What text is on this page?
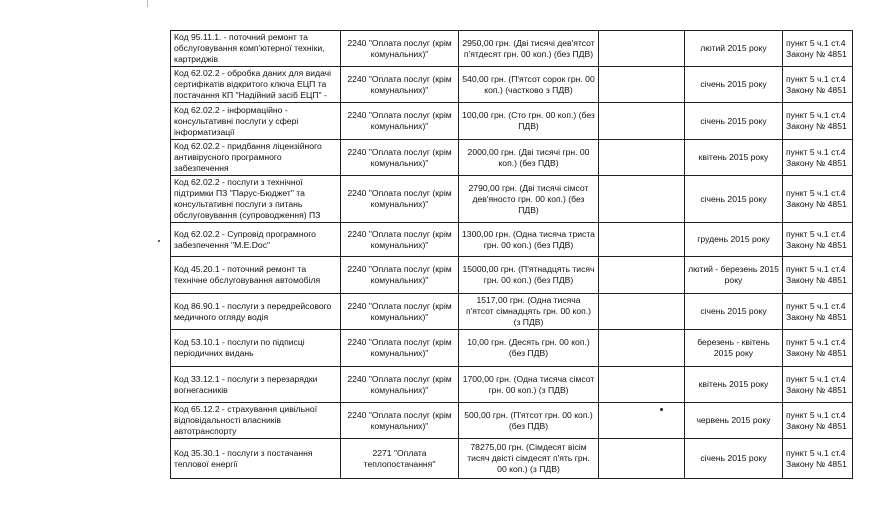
Код 95.11.1. - поточний ремонт та обслуговування комп'ютерної техніки, картриджів	2240 "Оплата послуг (крім комунальних)"	2950,00 грн. (Дві тисячі дев'ятсот п'ятдесят грн. 00 коп.) (без ПДВ)		лютий 2015 року	пункт 5 ч.1 ст.4 Закону № 4851
Код 62.02.2 - обробка даних для видачі сертифікатів відкритого ключа ЕЦП та постачання КП "Надійний засіб ЕЦП" -	2240 "Оплата послуг (крім комунальних)"	540,00 грн. (П'ятсот сорок грн. 00 коп.) (частково з ПДВ)		січень 2015 року	пункт 5 ч.1 ст.4 Закону № 4851
Код 62.02.2 - інформаційно - консультативні послуги у сфері інформатизації	2240 "Оплата послуг (крім комунальних)"	100,00 грн. (Сто грн. 00 коп.) (без ПДВ)		січень 2015 року	пункт 5 ч.1 ст.4 Закону № 4851
Код 62.02.2 - придбання ліцензійного антивірусного програмного забезпечення	2240 "Оплата послуг (крім комунальних)"	2000,00 грн. (Дві тисячі грн. 00 коп.) (без ПДВ)		квітень 2015 року	пункт 5 ч.1 ст.4 Закону № 4851
Код 62.02.2 - послуги з технічної підтримки ПЗ "Парус-Бюджет" та консультативні послуги з питань обслуговування (супроводження) ПЗ	2240 "Оплата послуг (крім комунальних)"	2790,00 грн. (Дві тисячі сімсот дев'яносто грн. 00 коп.) (без ПДВ)		січень 2015 року	пункт 5 ч.1 ст.4 Закону № 4851
Код 62.02.2 - Супровід програмного забезпечення "M.E.Doc"	2240 "Оплата послуг (крім комунальних)"	1300,00 грн. (Одна тисяча триста грн. 00 коп.) (без ПДВ)		грудень 2015 року	пункт 5 ч.1 ст.4 Закону № 4851
Код 45.20.1 - поточний ремонт та технічне обслуговування автомобіля	2240 "Оплата послуг (крім комунальних)"	15000,00 грн. (П'ятнадцять тисяч грн. 00 коп.) (без ПДВ)		лютий - березень 2015 року	пункт 5 ч.1 ст.4 Закону № 4851
Код 86.90.1 - послуги з передрейсового медичного огляду водія	2240 "Оплата послуг (крім комунальних)"	1517,00 грн. (Одна тисяча п'ятсот сімнадцять грн. 00 коп.) (з ПДВ)		січень 2015 року	пункт 5 ч.1 ст.4 Закону № 4851
Код 53.10.1 - послуги по підписці періодичних видань	2240 "Оплата послуг (крім комунальних)"	10,00 грн. (Десять грн. 00 коп.) (без ПДВ)		березень - квітень 2015 року	пункт 5 ч.1 ст.4 Закону № 4851
Код 33.12.1 - послуги з перезарядки вогнегасників	2240 "Оплата послуг (крім комунальних)"	1700,00 грн. (Одна тисяча сімсот грн. 00 коп.) (з ПДВ)		квітень 2015 року	пункт 5 ч.1 ст.4 Закону № 4851
Код 65.12.2 - страхування цивільної відповідальності власників автотранспорту	2240 "Оплата послуг (крім комунальних)"	500,00 грн. (П'ятсот грн. 00 коп.) (без ПДВ)		червень 2015 року	пункт 5 ч.1 ст.4 Закону № 4851
Код 35.30.1 - послуги з постачання теплової енергії	2271 "Оплата теплопостачання"	78275,00 грн. (Сімдесят вісім тисяч двісті сімдесят п'ять грн. 00 коп.) (з ПДВ)		січень 2015 року	пункт 5 ч.1 ст.4 Закону № 4851
